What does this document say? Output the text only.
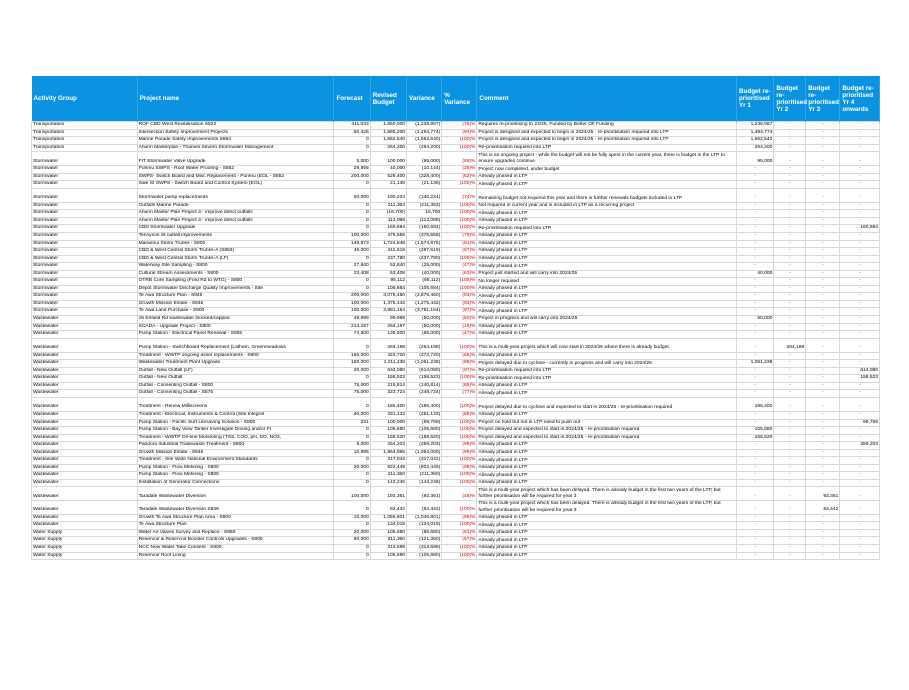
Activity Group	Project name	Forecast	Revised Budget	Variance	% Variance	Comment	Budget re-prioritised Yr 1	Budget re-prioritised Yr 2	Budget re-prioritised Yr 3	Budget re-prioritised Yr 4 onwards
Transportation	ROF CBD West Revitalisation S822	411,033	1,650,000	(1,238,967)	(75)%	Requires re-prioritising to 24/25. Funded by Better Off Funding	1,238,967	-	-	-
Transportation	Intersection Safety Improvement Projects	90,426	1,585,200	(1,494,774)	(94)%	Project is designed and expected to begin in 2024/25 - re-prioritisation required into LTP	1,494,774	-	-	-
Transportation	Marine Parade Safety Improvements S864	0	1,662,540	(1,662,540)	(100)%	Project is designed and expected to begin in 2024/25 - re-prioritisation required into LTP	1,662,540	-	-	-
Transportation	Ahuriri Masterplan - Thames Severn Stormwater Management	0	264,200	(264,200)	(100)%	Re-prioritisation required into LTP	264,200	-	-	-
Stormwater	FIT Stormwater Valve Upgrade	5,000	100,000	(95,000)	(95)%	This is an ongoing project - while the budget will not be fully spent in the current year, there is budget in the LTP to ensure upgrades continue	95,000	-	-	-
Stormwater	Purimu SWPS - Roof Water Proofing - S852	29,856	40,000	(10,144)	(25)%	Project now completed, under budget	-	-	-	-
Stormwater	SWPS- Switch Board and Misc Replacement - Purimu (EOL - S852	200,000	528,400	(328,400)	(62)%	Already phased in LTP	-	-	-	-
Stormwater	Sale St SWPS - Switch Board and Control System (EOL)	0	21,136	(21,136)	(100)%	Already phased in LTP	-	-	-	-
Stormwater	Stormwater pump replacements	50,000	190,224	(140,224)	(74)%	Remaining budget not required this year and there is further renewals budgets included in LTP	-	-	-	-
Stormwater	Outfalls Marine Parade	0	211,363	(211,363)	(100)%	Not required in current year and is included in LTP as a recurring project	-	-	-	-
Stormwater	Ahuriri Master Plan Project 3 - improve direct outfalls	0	(16,700)	16,700	(100)%	Already phased in LTP	-	-	-	-
Stormwater	Ahuriri Master Plan Project 3 - improve direct outfalls	0	113,088	(113,088)	(100)%	Already phased in LTP	-	-	-	-
Stormwater	CBD Stormwater Upgrade	0	160,684	(160,684)	(100)%	Re-prioritisation required into LTP	-	-	-	160,684
Stormwater	Tennyson St outfall improvements	100,000	475,558	(375,558)	(79)%	Already phased in LTP	-	-	-	-
Stormwater	Maraenui Storm Trunks - S800	149,873	1,724,848	(1,574,975)	(91)%	Already phased in LTP	-	-	-	-
Stormwater	CBD & West Central Storm Trunks-A (S853)	45,000	342,619	(297,619)	(87)%	Already phased in LTP	-	-	-	-
Stormwater	CBD & West Central Storm Trunks-A (LF)	0	237,780	(237,780)	(100)%	Already phased in LTP	-	-	-	-
Stormwater	Waterway Site Sampling - S800	27,840	52,840	(25,000)	(47)%	Already phased in LTP	-	-	-	-
Stormwater	Cultural Stream Assessments - S800	23,408	63,408	(40,000)	(63)%	Project just started and will carry into 2024/25	40,000	-	-	-
Stormwater	OTRB Core Sampling (Ford Rd to WTG) - S800	0	95,112	(95,112)	(100)%	No longer required	-	-	-	-
Stormwater	Depot Stormwater Discharge Quality Improvements - Site	0	105,684	(105,684)	(100)%	Already phased in LTP	-	-	-	-
Stormwater	Te Awa Structure Plan - S846	200,000	3,076,460	(2,876,460)	(93)%	Already phased in LTP	-	-	-	-
Stormwater	Growth Mission Estate - S846	100,000	1,375,442	(1,275,442)	(93)%	Already phased in LTP	-	-	-	-
Stormwater	Te Awa Land Purchase - S800	100,000	3,881,154	(3,781,154)	(97)%	Already phased in LTP	-	-	-	-
Wastewater	15 Enfield Rd wastewater blocked/capped	49,999	99,999	(50,000)	(50)%	Project in progress and will carry into 2024/25	50,000	-	-	-
Wastewater	SCADA - Upgrade Project - S800	214,197	264,197	(50,000)	(19)%	Already phased in LTP	-	-	-	-
Wastewater	Pump Station - Electrical Panel Renewal - S855	74,500	139,500	(65,000)	(47)%	Already phased in LTP	-	-	-	-
Wastewater	Pump Station - Switchboard Replacement (Latham, Greenmeadows	0	264,198	(264,198)	(100)%	This is a multi-year project which will now start in 2024/25 where there is already budget.	-	264,198	-	-
Wastewater	Treatment - WWTP ongoing asset replacements - S800	150,000	422,720	(272,720)	(65)%	Already phased in LTP	-	-	-	-
Wastewater	Wastewater Treatment Plant Upgrade	150,000	1,211,238	(1,061,238)	(88)%	Project delayed due to cyclone - currently in progress and will carry into 2024/25	1,061,238	-	-	-
Wastewater	Outfall - New Outfall (LF)	20,000	634,080	(614,080)	(97)%	Re-prioritisation required into LTP	-	-	-	614,080
Wastewater	Outfall - New Outfall	0	158,523	(158,523)	(100)%	Re-prioritisation required into LTP	-	-	-	158,523
Wastewater	Outfall - Consenting Outfall - S800	75,000	215,814	(140,814)	(65)%	Already phased in LTP	-	-	-	-
Wastewater	Outfall - Consenting Outfall - S875	75,000	323,724	(248,724)	(77)%	Already phased in LTP	-	-	-	-
Wastewater	Treatment - Renew Milliscreens	0	185,400	(185,400)	(100)%	Project delayed due to cyclone and expected to start in 2024/25 - re-prioritisation required	185,400	-	-	-
Wastewater	Treatment - Electrical, Instruments & Control (Site Integrat	40,000	331,133	(291,133)	(88)%	Already phased in LTP	-	-	-	-
Wastewater	Pump Station - Pacific Surf Lifesaving Solution - S800	231	100,000	(99,769)	(100)%	Project on hold but not in LTP need to push out	-	-	-	99,769
Wastewater	Pump Station - Bay View Tanker Investigate Dosing and/or FI	0	105,680	(105,680)	(100)%	Project delayed and expected to start in 2024/25 - re-prioritisation required	105,680	-	-	-
Wastewater	Treatment - WWTP On-line Monitoring (TSS, COD, pH, DO, NO3,	0	158,520	(158,520)	(100)%	Project delayed and expected to start in 2024/25 - re-prioritisation required	158,520	-	-	-
Wastewater	Pandora Industrial Tradewaste Treatment - S800	5,000	264,203	(259,203)	(98)%	Already phased in LTP	-	-	-	259,203
Wastewater	Growth Mission Estate - S846	10,995	1,964,995	(1,954,000)	(99)%	Already phased in LTP	-	-	-	-
Wastewater	Treatment - Site Wide National Environment Standards	0	317,042	(317,042)	(100)%	Already phased in LTP	-	-	-	-
Wastewater	Pump Station - Flow Metering - S800	20,000	822,449	(802,449)	(98)%	Already phased in LTP	-	-	-	-
Wastewater	Pump Station - Flow Metering - S800	0	211,360	(211,360)	(100)%	Already phased in LTP	-	-	-	-
Wastewater	Installation of Generator Connections	0	143,246	(143,246)	(100)%	Already phased in LTP	-	-	-	-
Wastewater	Taradale Wastewater Diversion	100,000	192,361	(92,361)	(48)%	This is a multi-year project which has been delayed. There is already budget in the first two years of the LTP, but further prioritisation will be required for year 3	-	-	92,361	-
Wastewater	Taradale Wastewater Diversion S846	0	82,442	(82,442)	(100)%	This is a multi-year project which has been delayed. There is already budget in the first two years of the LTP, but further prioritisation will be required for year 3	-	-	82,442	-
Wastewater	Growth Te Awa Structure Plan Area - S800	10,000	1,056,801	(1,046,801)	(99)%	Already phased in LTP	-	-	-	-
Wastewater	Te Awa Structure Plan	0	134,019	(134,019)	(100)%	Already phased in LTP	-	-	-	-
Water Supply	Water Air Valves Survey and Replace - S850	20,000	105,680	(85,680)	(81)%	Already phased in LTP	-	-	-	-
Water Supply	Reservoir & Reservoir Booster Controls Upgrades - S800	90,000	211,360	(121,360)	(57)%	Already phased in LTP	-	-	-	-
Water Supply	NCC New Water Take Consent - S800	0	313,699	(313,699)	(100)%	Already phased in LTP	-	-	-	-
Water Supply	Reservoir Roof Lining	0	105,680	(105,680)	(100)%	Already phased in LTP	-	-	-	-
